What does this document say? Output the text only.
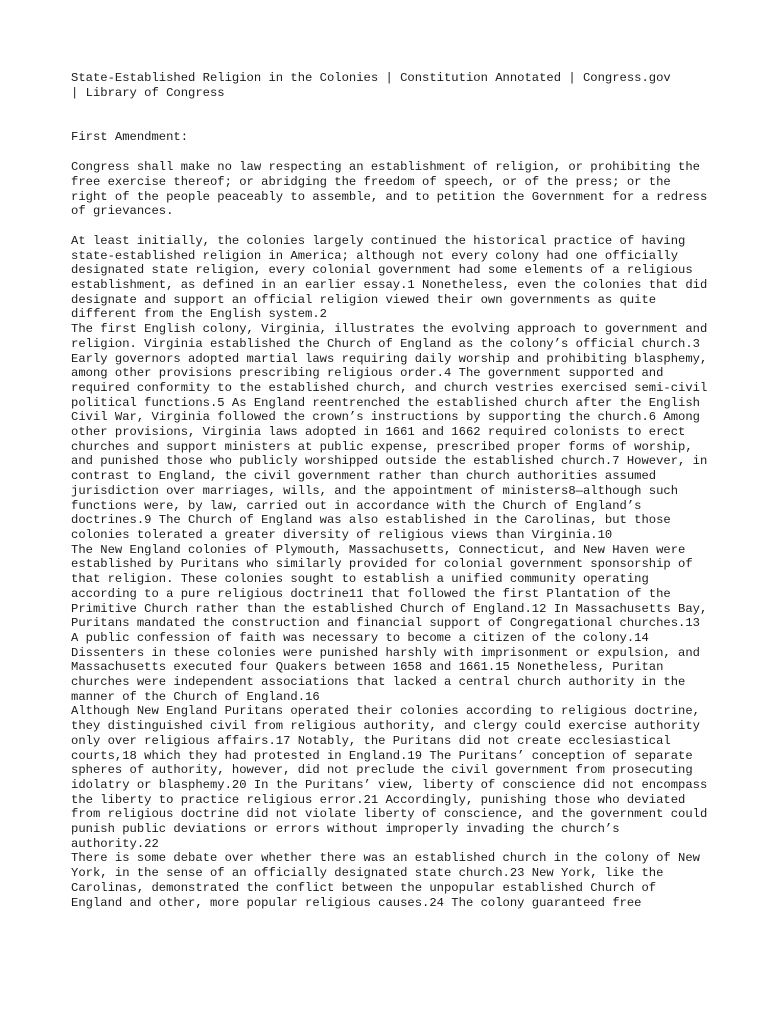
State-Established Religion in the Colonies | Constitution Annotated | Congress.gov
| Library of Congress
First Amendment:
Congress shall make no law respecting an establishment of religion, or prohibiting the free exercise thereof; or abridging the freedom of speech, or of the press; or the right of the people peaceably to assemble, and to petition the Government for a redress of grievances.
At least initially, the colonies largely continued the historical practice of having state-established religion in America; although not every colony had one officially designated state religion, every colonial government had some elements of a religious establishment, as defined in an earlier essay.1 Nonetheless, even the colonies that did designate and support an official religion viewed their own governments as quite different from the English system.2
The first English colony, Virginia, illustrates the evolving approach to government and religion. Virginia established the Church of England as the colony’s official church.3 Early governors adopted martial laws requiring daily worship and prohibiting blasphemy, among other provisions prescribing religious order.4 The government supported and required conformity to the established church, and church vestries exercised semi-civil political functions.5 As England reentrenched the established church after the English Civil War, Virginia followed the crown’s instructions by supporting the church.6 Among other provisions, Virginia laws adopted in 1661 and 1662 required colonists to erect churches and support ministers at public expense, prescribed proper forms of worship, and punished those who publicly worshipped outside the established church.7 However, in contrast to England, the civil government rather than church authorities assumed jurisdiction over marriages, wills, and the appointment of ministers8—although such functions were, by law, carried out in accordance with the Church of England’s doctrines.9 The Church of England was also established in the Carolinas, but those colonies tolerated a greater diversity of religious views than Virginia.10
The New England colonies of Plymouth, Massachusetts, Connecticut, and New Haven were established by Puritans who similarly provided for colonial government sponsorship of that religion. These colonies sought to establish a unified community operating according to a pure religious doctrine11 that followed the first Plantation of the Primitive Church rather than the established Church of England.12 In Massachusetts Bay, Puritans mandated the construction and financial support of Congregational churches.13 A public confession of faith was necessary to become a citizen of the colony.14 Dissenters in these colonies were punished harshly with imprisonment or expulsion, and Massachusetts executed four Quakers between 1658 and 1661.15 Nonetheless, Puritan churches were independent associations that lacked a central church authority in the manner of the Church of England.16
Although New England Puritans operated their colonies according to religious doctrine, they distinguished civil from religious authority, and clergy could exercise authority only over religious affairs.17 Notably, the Puritans did not create ecclesiastical courts,18 which they had protested in England.19 The Puritans’ conception of separate spheres of authority, however, did not preclude the civil government from prosecuting idolatry or blasphemy.20 In the Puritans’ view, liberty of conscience did not encompass the liberty to practice religious error.21 Accordingly, punishing those who deviated from religious doctrine did not violate liberty of conscience, and the government could punish public deviations or errors without improperly invading the church’s authority.22
There is some debate over whether there was an established church in the colony of New York, in the sense of an officially designated state church.23 New York, like the Carolinas, demonstrated the conflict between the unpopular established Church of England and other, more popular religious causes.24 The colony guaranteed free
